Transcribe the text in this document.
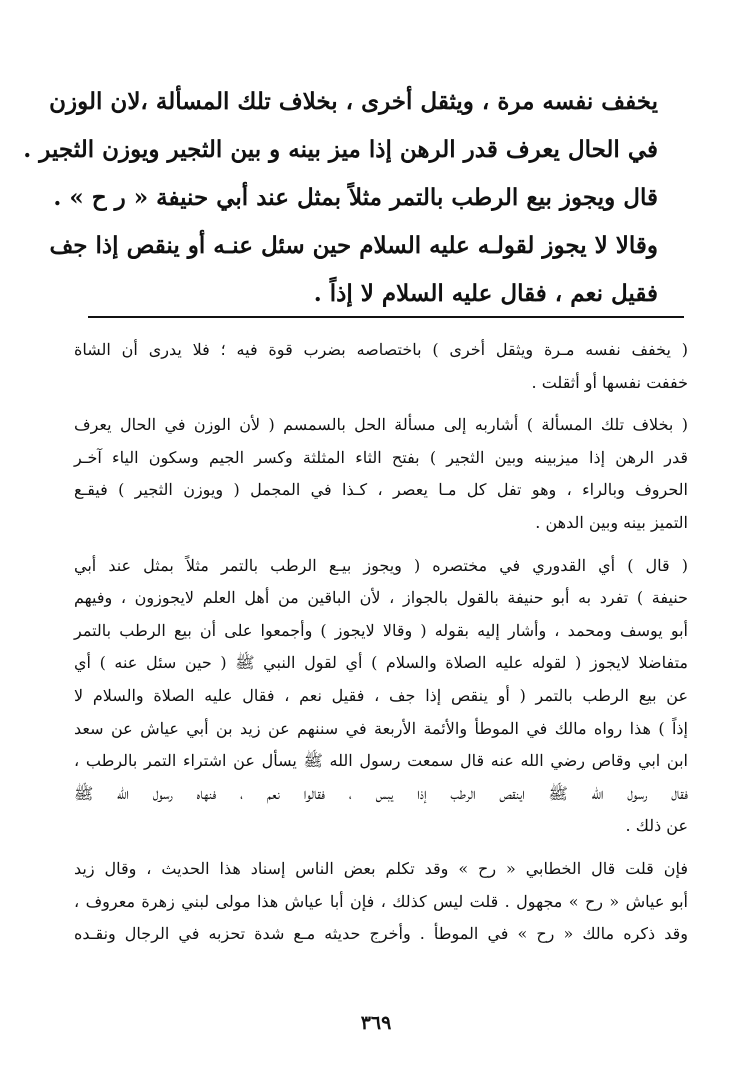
يخفف نفسه مرة ، ويثقل أخرى ، بخلاف تلك المسألة ،لان الوزن
في الحال يعرف قدر الرهن إذا ميز بينه و بين الثجير ويوزن الثجير .
قال ويجوز بيع الرطب بالتمر مثلاً بمثل عند أبي حنيفة « ر ح » .
وقالا لا يجوز لقولـه عليه السلام حين سئل عنـه أو ينقص إذا جف
فقيل نعم ، فقال عليه السلام لا إذاً .
( يخفف نفسه مـرة ويثقل أخرى ) باختصاصه بضرب قوة فيه ؛ فلا يدرى أن الشاة
خففت نفسها أو أثقلت .
( بخلاف تلك المسألة ) أشاربه إلى مسألة الحل بالسمسم ( لأن الوزن في الحال يعرف
قدر الرهن إذا ميزبينه وبين الثجير ) بفتح الثاء المثلثة وكسر الجيم وسكون الياء آخـر
الحروف وبالراء ، وهو تفل كل مـا يعصر ، كـذا في المجمل ( ويوزن الثجير ) فيقـع
التميز بينه وبين الدهن .
( قال ) أي القدوري في مختصره ( ويجوز بيـع الرطب بالتمر مثلاً بمثل عند أبي
حنيفة ) تفرد به أبو حنيفة بالقول بالجواز ، لأن الباقين من أهل العلم لايجوزون ، وفيهم
أبو يوسف ومحمد ، وأشار إليه بقوله ( وقالا لايجوز ) وأجمعوا على أن بيع الرطب بالتمر
متفاضلا لايجوز ( لقوله عليه الصلاة والسلام ) أي لقول النبي ﷺ ( حين سئل عنه ) أي
عن بيع الرطب بالتمر ( أو ينقص إذا جف ، فقيل نعم ، فقال عليه الصلاة والسلام لا
إذاً ) هذا رواه مالك في الموطأ والأئمة الأربعة في سننهم عن زيد بن أبي عياش عن سعد
ابن ابي وقاص رضي الله عنه قال سمعت رسول الله ﷺ يسأل عن اشتراء التمر بالرطب ،
فقال رسول الله ﷺ اينقص الرطب إذا يبس ، فقالوا نعم ، فنهاه رسول الله ﷺ
عن ذلك .
فإن قلت قال الخطابي « رح » وقد تكلم بعض الناس إسناد هذا الحديث ، وقال زيد
أبو عياش « رح » مجهول . قلت ليس كذلك ، فإن أبا عياش هذا مولى لبني زهرة معروف ،
وقد ذكره مالك « رح » في الموطأ . وأخرج حديثه مـع شدة تحزبه في الرجال ونقـده
٣٦٩
